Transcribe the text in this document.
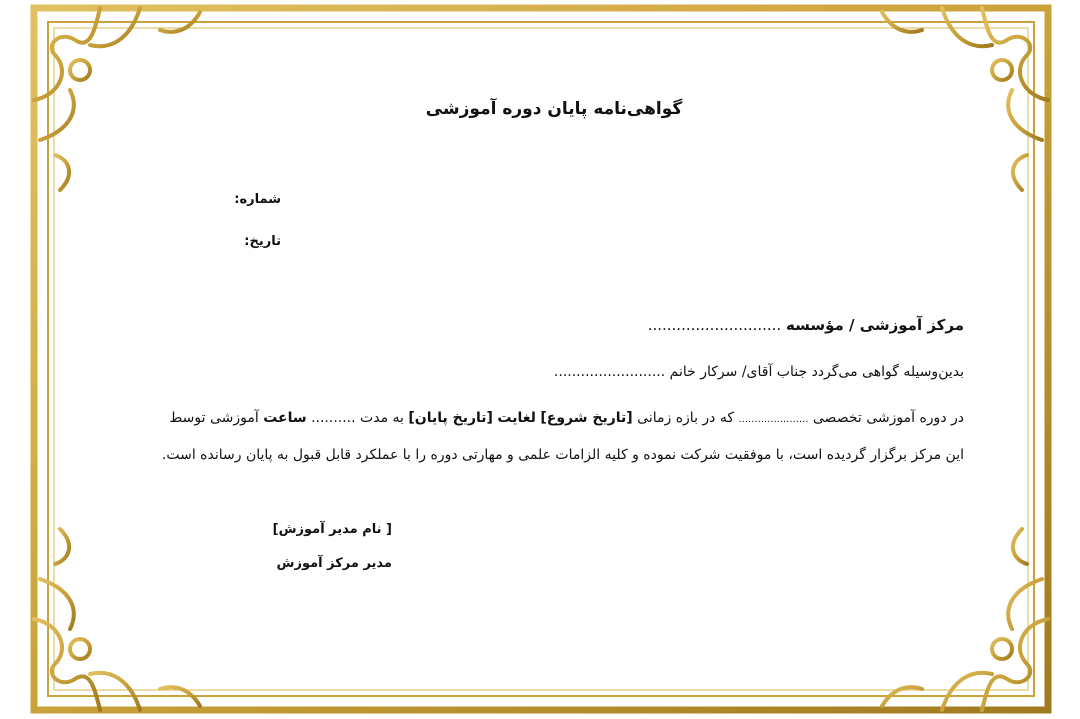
گواهی‌نامه پایان دوره آموزشی
شماره:
تاریخ:
مرکز آموزشی / مؤسسه ............................
بدین‌وسیله گواهی می‌گردد جناب آقای/ سرکار خانم .........................
در دوره آموزشی تخصصی ...................... که در بازه زمانی [تاریخ شروع] لغایت [تاریخ پایان] به مدت .......... ساعت آموزشی توسط
این مرکز برگزار گردیده است، با موفقیت شرکت نموده و کلیه الزامات علمی و مهارتی دوره را با عملکرد قابل قبول به پایان رسانده است.
[ نام مدیر آموزش]
مدیر مرکز آموزش
